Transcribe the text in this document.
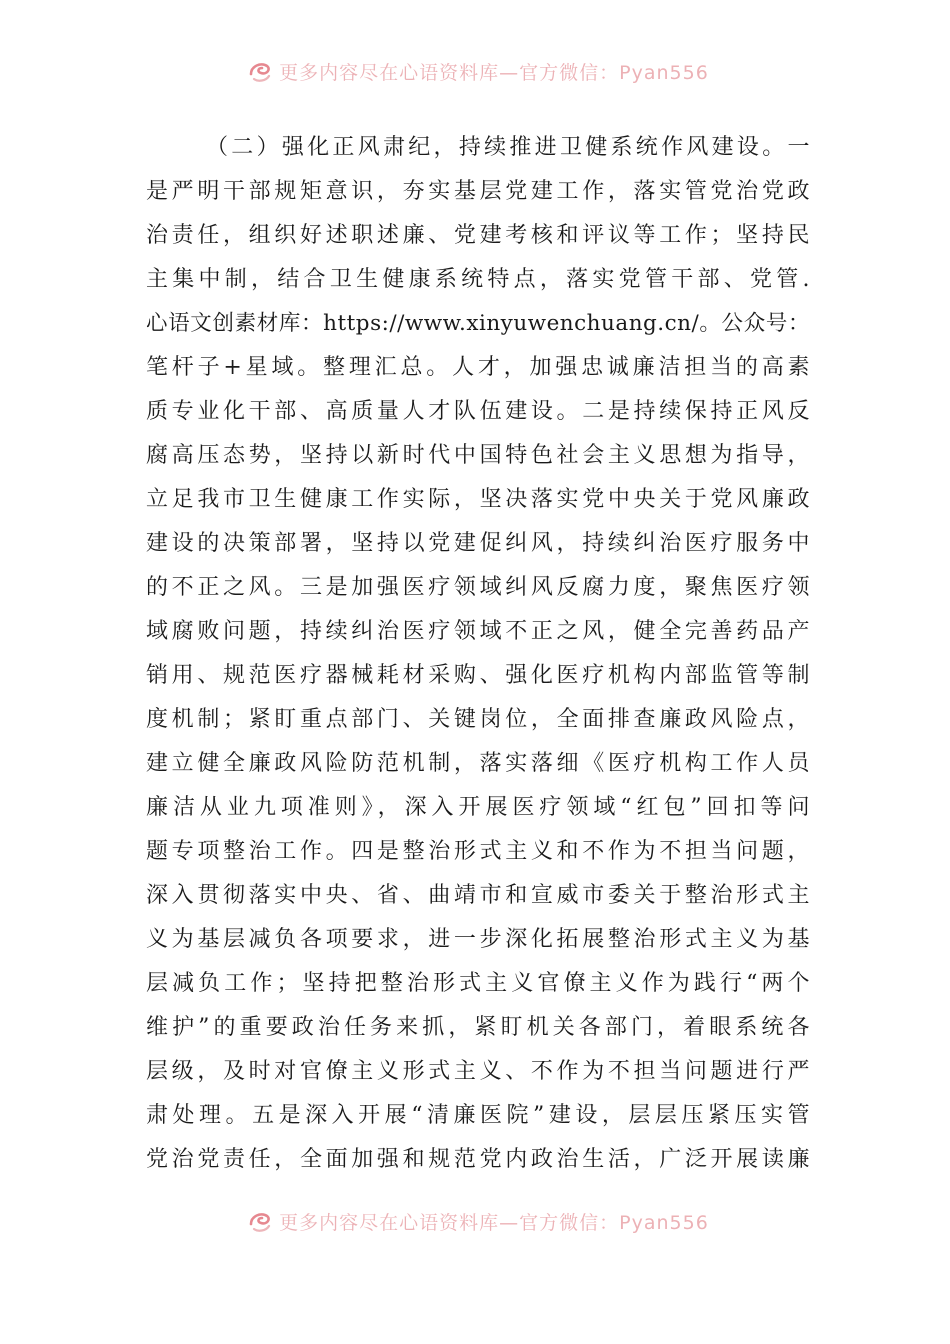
更多内容尽在心语资料库—官方微信：Pyan556
（二）强化正风肃纪，持续推进卫健系统作风建设。一
是严明干部规矩意识，夯实基层党建工作，落实管党治党政
治责任，组织好述职述廉、党建考核和评议等工作；坚持民
主集中制，结合卫生健康系统特点，落实党管干部、党管.
心语文创素材库：https://www.xinyuwenchuang.cn/。公众号：
笔杆子+星域。整理汇总。人才，加强忠诚廉洁担当的高素
质专业化干部、高质量人才队伍建设。二是持续保持正风反
腐高压态势，坚持以新时代中国特色社会主义思想为指导，
立足我市卫生健康工作实际，坚决落实党中央关于党风廉政
建设的决策部署，坚持以党建促纠风，持续纠治医疗服务中
的不正之风。三是加强医疗领域纠风反腐力度，聚焦医疗领
域腐败问题，持续纠治医疗领域不正之风，健全完善药品产
销用、规范医疗器械耗材采购、强化医疗机构内部监管等制
度机制；紧盯重点部门、关键岗位，全面排查廉政风险点，
建立健全廉政风险防范机制，落实落细《医疗机构工作人员
廉洁从业九项准则》，深入开展医疗领域“红包”回扣等问
题专项整治工作。四是整治形式主义和不作为不担当问题，
深入贯彻落实中央、省、曲靖市和宣威市委关于整治形式主
义为基层减负各项要求，进一步深化拓展整治形式主义为基
层减负工作；坚持把整治形式主义官僚主义作为践行“两个
维护”的重要政治任务来抓，紧盯机关各部门，着眼系统各
层级，及时对官僚主义形式主义、不作为不担当问题进行严
肃处理。五是深入开展“清廉医院”建设，层层压紧压实管
党治党责任，全面加强和规范党内政治生活，广泛开展读廉
更多内容尽在心语资料库—官方微信：Pyan556
